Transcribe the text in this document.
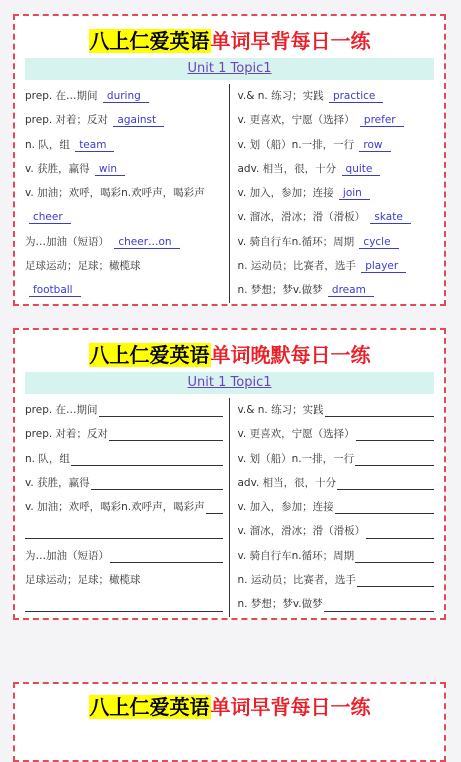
八上仁爱英语单词早背每日一练
Unit 1 Topic1
prep. 在…期间 during
prep. 对着；反对 against
n. 队，组 team
v. 获胜，赢得 win
v. 加油；欢呼，喝彩n.欢呼声，喝彩声
cheer
为…加油（短语） cheer…on
足球运动；足球；橄榄球
football
v.& n. 练习；实践 practice
v. 更喜欢，宁愿（选择） prefer
v. 划（船）n.一排，一行 row
adv. 相当，很，十分 quite
v. 加入，参加；连接 join
v. 溜冰，滑冰；滑（滑板） skate
v. 骑自行车n.循环；周期 cycle
n. 运动员；比赛者，选手 player
n. 梦想；梦v.做梦 dream
八上仁爱英语单词晚默每日一练
Unit 1 Topic1
prep. 在…期间
prep. 对着；反对
n. 队，组
v. 获胜，赢得
v. 加油；欢呼，喝彩n.欢呼声，喝彩声
为…加油（短语）
足球运动；足球；橄榄球
v.& n. 练习；实践
v. 更喜欢，宁愿（选择）
v. 划（船）n.一排，一行
adv. 相当，很，十分
v. 加入，参加；连接
v. 溜冰，滑冰；滑（滑板）
v. 骑自行车n.循环；周期
n. 运动员；比赛者，选手
n. 梦想；梦v.做梦
八上仁爱英语单词早背每日一练
